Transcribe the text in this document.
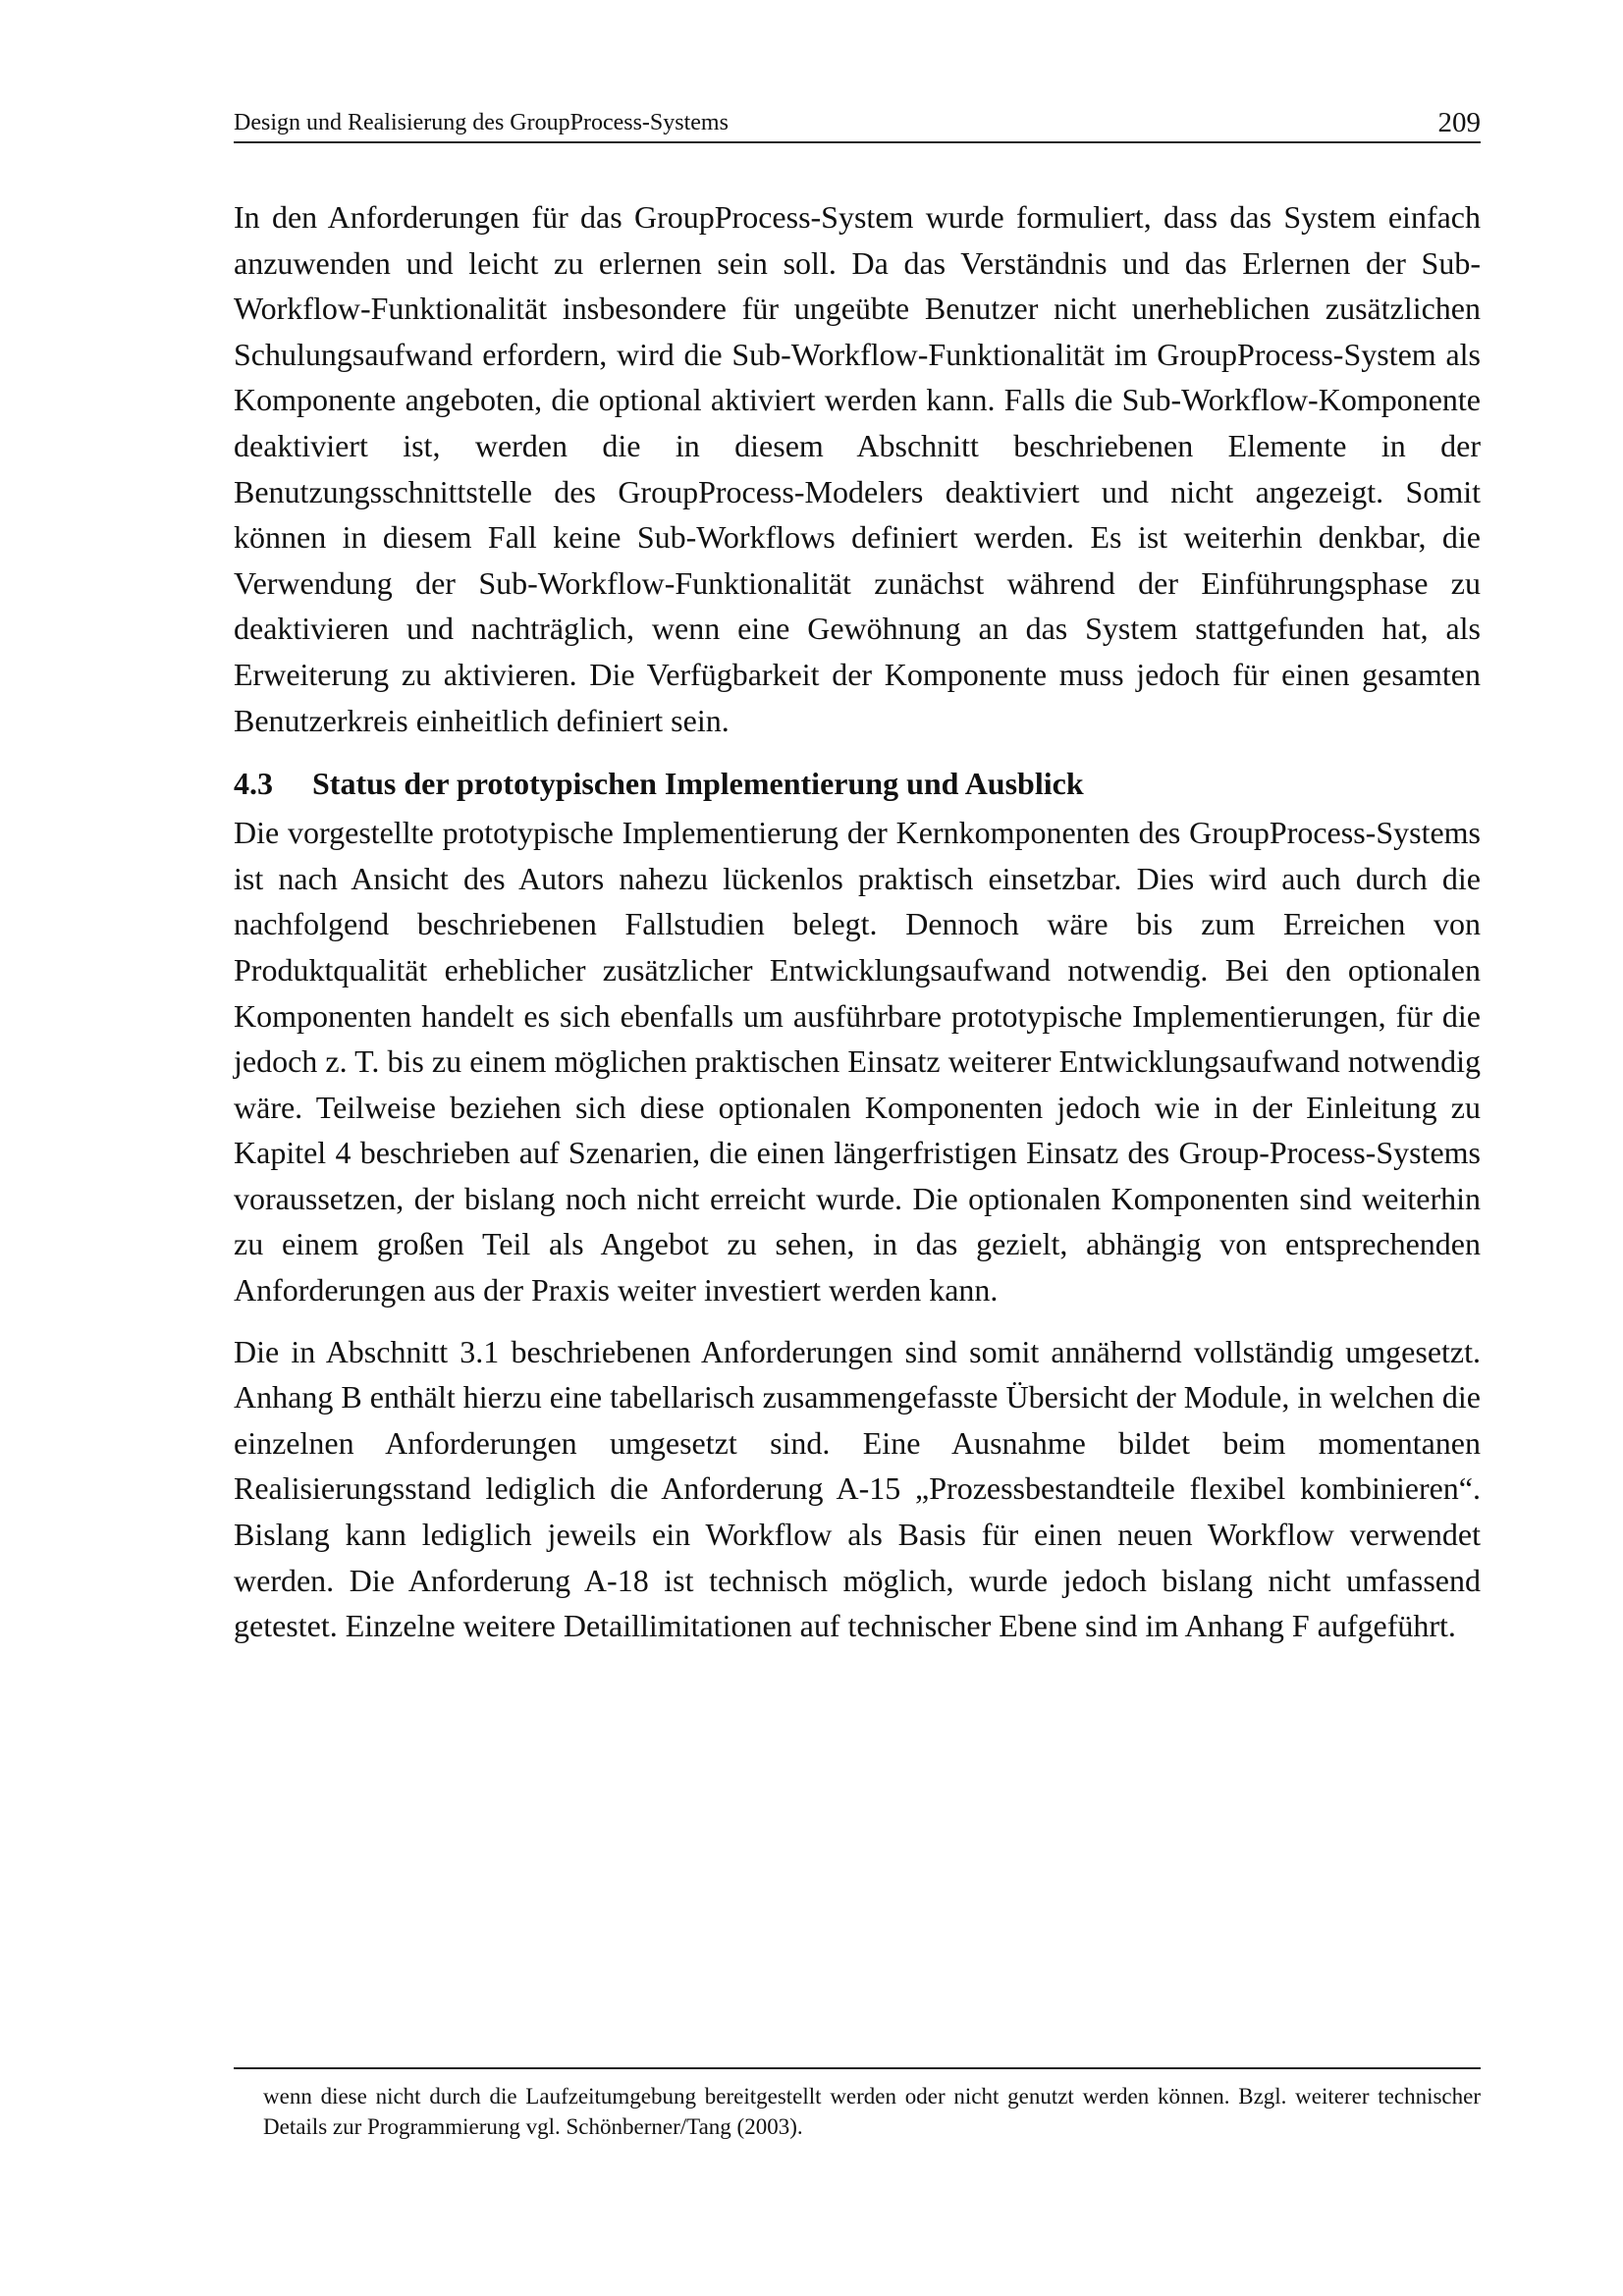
Design und Realisierung des GroupProcess-Systems	209

In den Anforderungen für das GroupProcess-System wurde formuliert, dass das System einfach anzuwenden und leicht zu erlernen sein soll. Da das Verständnis und das Erlernen der Sub-Workflow-Funktionalität insbesondere für ungeübte Benutzer nicht unerheblichen zusätzlichen Schulungsaufwand erfordern, wird die Sub-Workflow-Funktionalität im GroupProcess-System als Komponente angeboten, die optional aktiviert werden kann. Falls die Sub-Workflow-Komponente deaktiviert ist, werden die in diesem Abschnitt beschriebenen Elemente in der Benutzungsschnittstelle des GroupProcess-Modelers deaktiviert und nicht angezeigt. Somit können in diesem Fall keine Sub-Workflows definiert werden. Es ist weiterhin denkbar, die Verwendung der Sub-Workflow-Funktionalität zunächst während der Einführungsphase zu deaktivieren und nachträglich, wenn eine Gewöhnung an das System stattgefunden hat, als Erweiterung zu aktivieren. Die Verfügbarkeit der Komponente muss jedoch für einen gesamten Benutzerkreis einheitlich definiert sein.

4.3 Status der prototypischen Implementierung und Ausblick

Die vorgestellte prototypische Implementierung der Kernkomponenten des GroupProcess-Systems ist nach Ansicht des Autors nahezu lückenlos praktisch einsetzbar. Dies wird auch durch die nachfolgend beschriebenen Fallstudien belegt. Dennoch wäre bis zum Erreichen von Produktqualität erheblicher zusätzlicher Entwicklungsaufwand notwendig. Bei den optionalen Komponenten handelt es sich ebenfalls um ausführbare prototypische Implementierungen, für die jedoch z. T. bis zu einem möglichen praktischen Einsatz weiterer Entwicklungsaufwand notwendig wäre. Teilweise beziehen sich diese optionalen Komponenten jedoch wie in der Einleitung zu Kapitel 4 beschrieben auf Szenarien, die einen längerfristigen Einsatz des Group-Process-Systems voraussetzen, der bislang noch nicht erreicht wurde. Die optionalen Komponenten sind weiterhin zu einem großen Teil als Angebot zu sehen, in das gezielt, abhängig von entsprechenden Anforderungen aus der Praxis weiter investiert werden kann.

Die in Abschnitt 3.1 beschriebenen Anforderungen sind somit annähernd vollständig umgesetzt. Anhang B enthält hierzu eine tabellarisch zusammengefasste Übersicht der Module, in welchen die einzelnen Anforderungen umgesetzt sind. Eine Ausnahme bildet beim momentanen Realisierungsstand lediglich die Anforderung A-15 „Prozessbestandteile flexibel kombinieren“. Bislang kann lediglich jeweils ein Workflow als Basis für einen neuen Workflow verwendet werden. Die Anforderung A-18 ist technisch möglich, wurde jedoch bislang nicht umfassend getestet. Einzelne weitere Detaillimitationen auf technischer Ebene sind im Anhang F aufgeführt.

wenn diese nicht durch die Laufzeitumgebung bereitgestellt werden oder nicht genutzt werden können. Bzgl. weiterer technischer Details zur Programmierung vgl. Schönberner/Tang (2003).
